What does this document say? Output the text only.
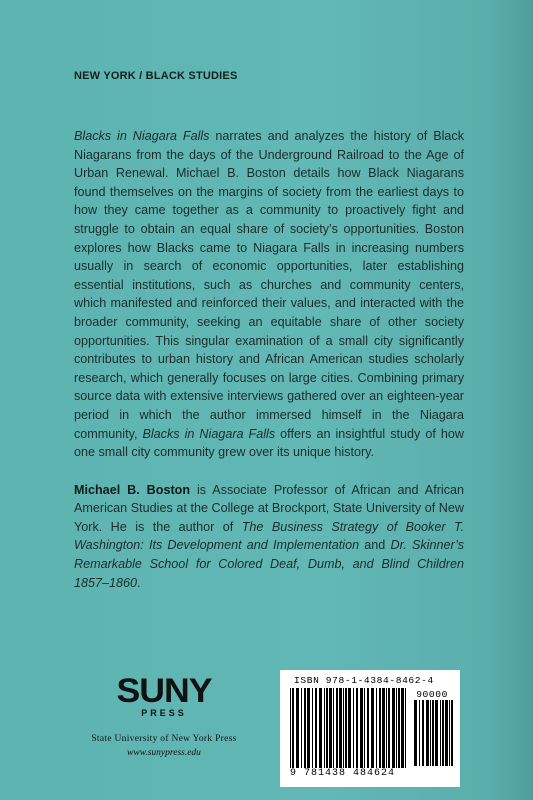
NEW YORK / BLACK STUDIES

Blacks in Niagara Falls narrates and analyzes the history of Black Niagarans from the days of the Underground Railroad to the Age of Urban Renewal. Michael B. Boston details how Black Niagarans found themselves on the margins of society from the earliest days to how they came together as a community to proactively fight and struggle to obtain an equal share of society’s opportunities. Boston explores how Blacks came to Niagara Falls in increasing numbers usually in search of economic opportunities, later establishing essential institutions, such as churches and community centers, which manifested and reinforced their values, and interacted with the broader community, seeking an equitable share of other society opportunities. This singular examination of a small city significantly contributes to urban history and African American studies scholarly research, which generally focuses on large cities. Combining primary source data with extensive interviews gathered over an eighteen-year period in which the author immersed himself in the Niagara community, Blacks in Niagara Falls offers an insightful study of how one small city community grew over its unique history.

Michael B. Boston is Associate Professor of African and African American Studies at the College at Brockport, State University of New York. He is the author of The Business Strategy of Booker T. Washington: Its Development and Implementation and Dr. Skinner’s Remarkable School for Colored Deaf, Dumb, and Blind Children 1857–1860.

SUNY
PRESS
State University of New York Press
www.sunypress.edu
ISBN 978-1-4384-8462-4
90000
9 781438 484624
